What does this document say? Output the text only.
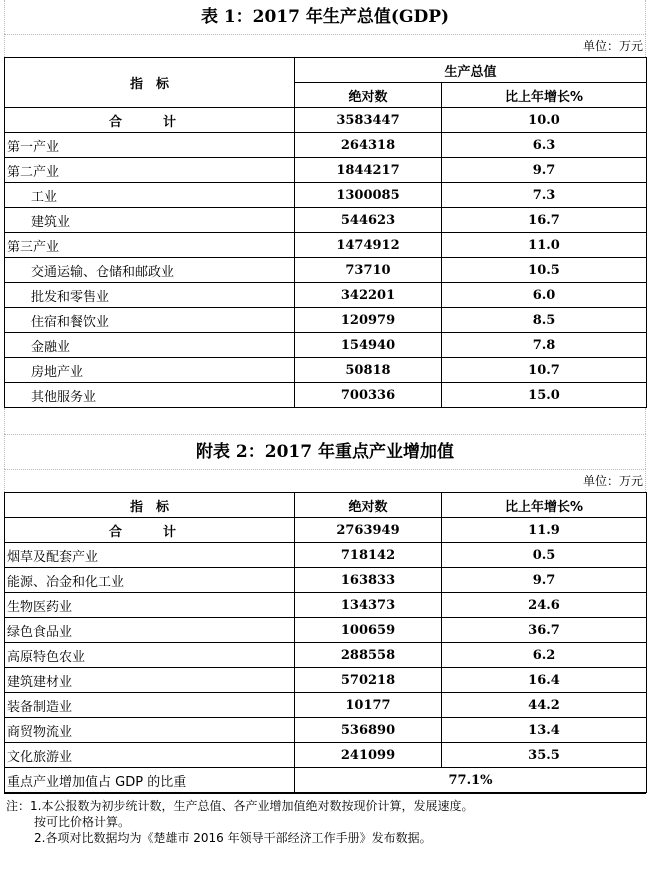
表 1：2017 年生产总值(GDP)
单位：万元
指　标	生产总值	
	绝对数	比上年增长%
合　计	3583447	10.0
第一产业	264318	6.3
第二产业	1844217	9.7
工业	1300085	7.3
建筑业	544623	16.7
第三产业	1474912	11.0
交通运输、仓储和邮政业	73710	10.5
批发和零售业	342201	6.0
住宿和餐饮业	120979	8.5
金融业	154940	7.8
房地产业	50818	10.7
其他服务业	700336	15.0
附表 2：2017 年重点产业增加值
单位：万元
指　标	绝对数	比上年增长%
合　计	2763949	11.9
烟草及配套产业	718142	0.5
能源、冶金和化工业	163833	9.7
生物医药业	134373	24.6
绿色食品业	100659	36.7
高原特色农业	288558	6.2
建筑建材业	570218	16.4
装备制造业	10177	44.2
商贸物流业	536890	13.4
文化旅游业	241099	35.5
重点产业增加值占 GDP 的比重	77.1%	
注：1.本公报数为初步统计数，生产总值、各产业增加值绝对数按现价计算，发展速度。
按可比价格计算。
2.各项对比数据均为《楚雄市 2016 年领导干部经济工作手册》发布数据。
